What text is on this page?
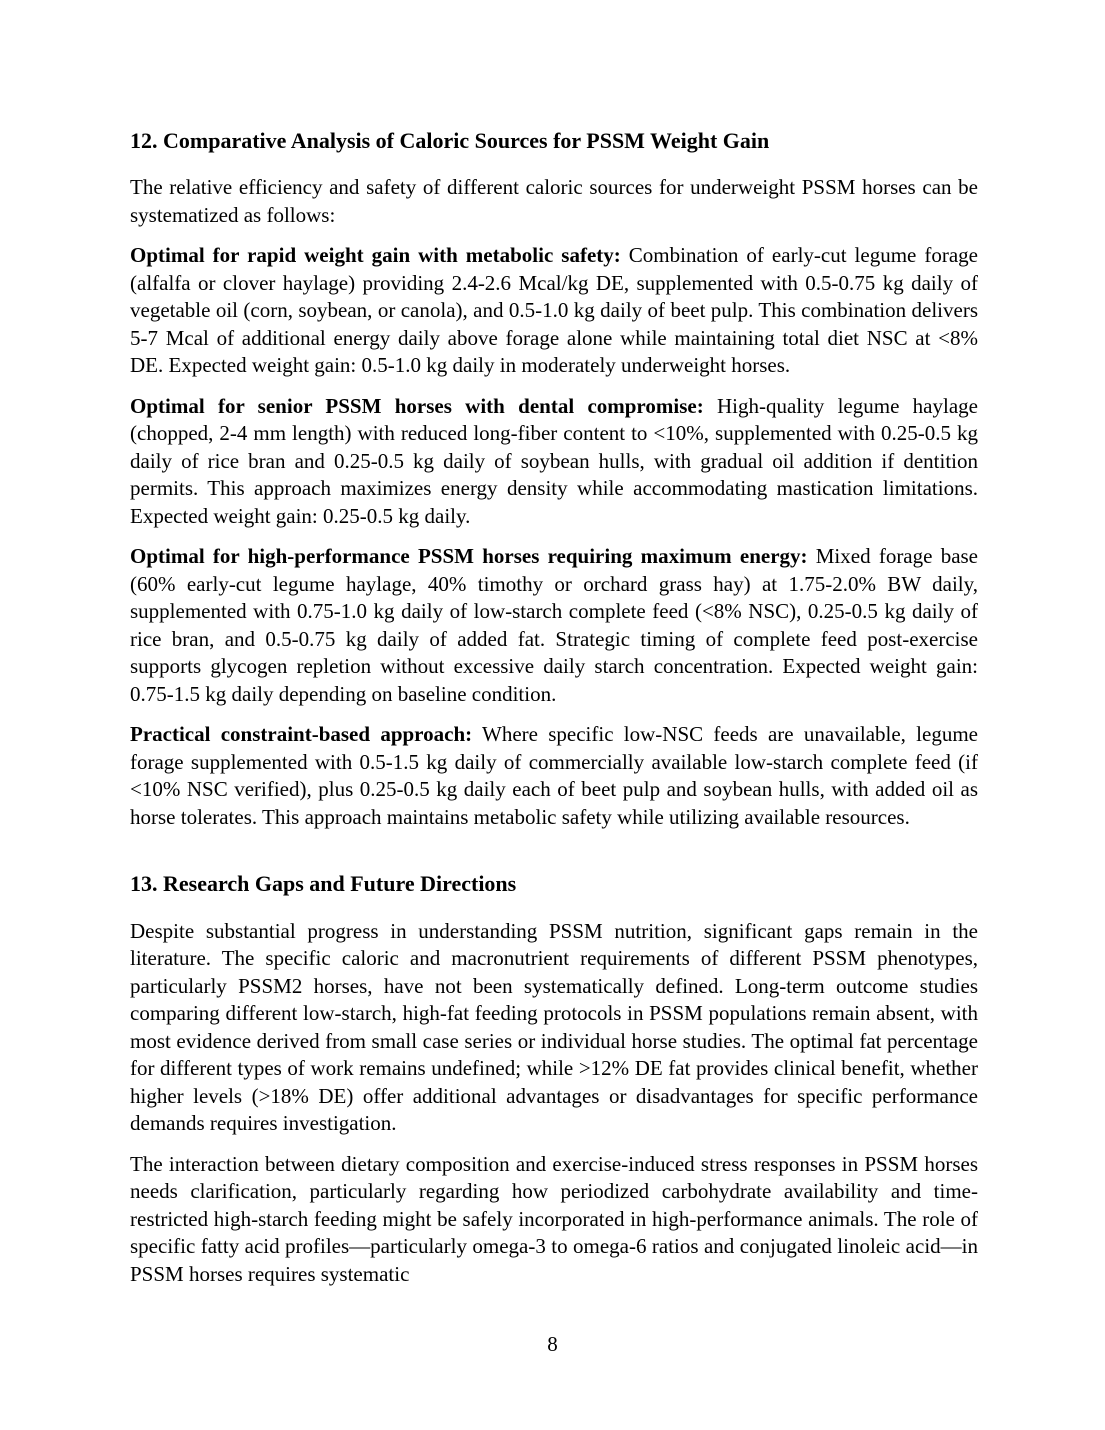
12. Comparative Analysis of Caloric Sources for PSSM Weight Gain

The relative efficiency and safety of different caloric sources for underweight PSSM horses can be systematized as follows:

Optimal for rapid weight gain with metabolic safety: Combination of early-cut legume forage (alfalfa or clover haylage) providing 2.4-2.6 Mcal/kg DE, supplemented with 0.5-0.75 kg daily of vegetable oil (corn, soybean, or canola), and 0.5-1.0 kg daily of beet pulp. This combination delivers 5-7 Mcal of additional energy daily above forage alone while maintaining total diet NSC at <8% DE. Expected weight gain: 0.5-1.0 kg daily in moderately underweight horses.

Optimal for senior PSSM horses with dental compromise: High-quality legume haylage (chopped, 2-4 mm length) with reduced long-fiber content to <10%, supplemented with 0.25-0.5 kg daily of rice bran and 0.25-0.5 kg daily of soybean hulls, with gradual oil addition if dentition permits. This approach maximizes energy density while accommodating mastication limitations. Expected weight gain: 0.25-0.5 kg daily.

Optimal for high-performance PSSM horses requiring maximum energy: Mixed forage base (60% early-cut legume haylage, 40% timothy or orchard grass hay) at 1.75-2.0% BW daily, supplemented with 0.75-1.0 kg daily of low-starch complete feed (<8% NSC), 0.25-0.5 kg daily of rice bran, and 0.5-0.75 kg daily of added fat. Strategic timing of complete feed post-exercise supports glycogen repletion without excessive daily starch concentration. Expected weight gain: 0.75-1.5 kg daily depending on baseline condition.

Practical constraint-based approach: Where specific low-NSC feeds are unavailable, legume forage supplemented with 0.5-1.5 kg daily of commercially available low-starch complete feed (if <10% NSC verified), plus 0.25-0.5 kg daily each of beet pulp and soybean hulls, with added oil as horse tolerates. This approach maintains metabolic safety while utilizing available resources.

13. Research Gaps and Future Directions

Despite substantial progress in understanding PSSM nutrition, significant gaps remain in the literature. The specific caloric and macronutrient requirements of different PSSM phenotypes, particularly PSSM2 horses, have not been systematically defined. Long-term outcome studies comparing different low-starch, high-fat feeding protocols in PSSM populations remain absent, with most evidence derived from small case series or individual horse studies. The optimal fat percentage for different types of work remains undefined; while >12% DE fat provides clinical benefit, whether higher levels (>18% DE) offer additional advantages or disadvantages for specific performance demands requires investigation.

The interaction between dietary composition and exercise-induced stress responses in PSSM horses needs clarification, particularly regarding how periodized carbohydrate availability and time-restricted high-starch feeding might be safely incorporated in high-performance animals. The role of specific fatty acid profiles—particularly omega-3 to omega-6 ratios and conjugated linoleic acid—in PSSM horses requires systematic

8
